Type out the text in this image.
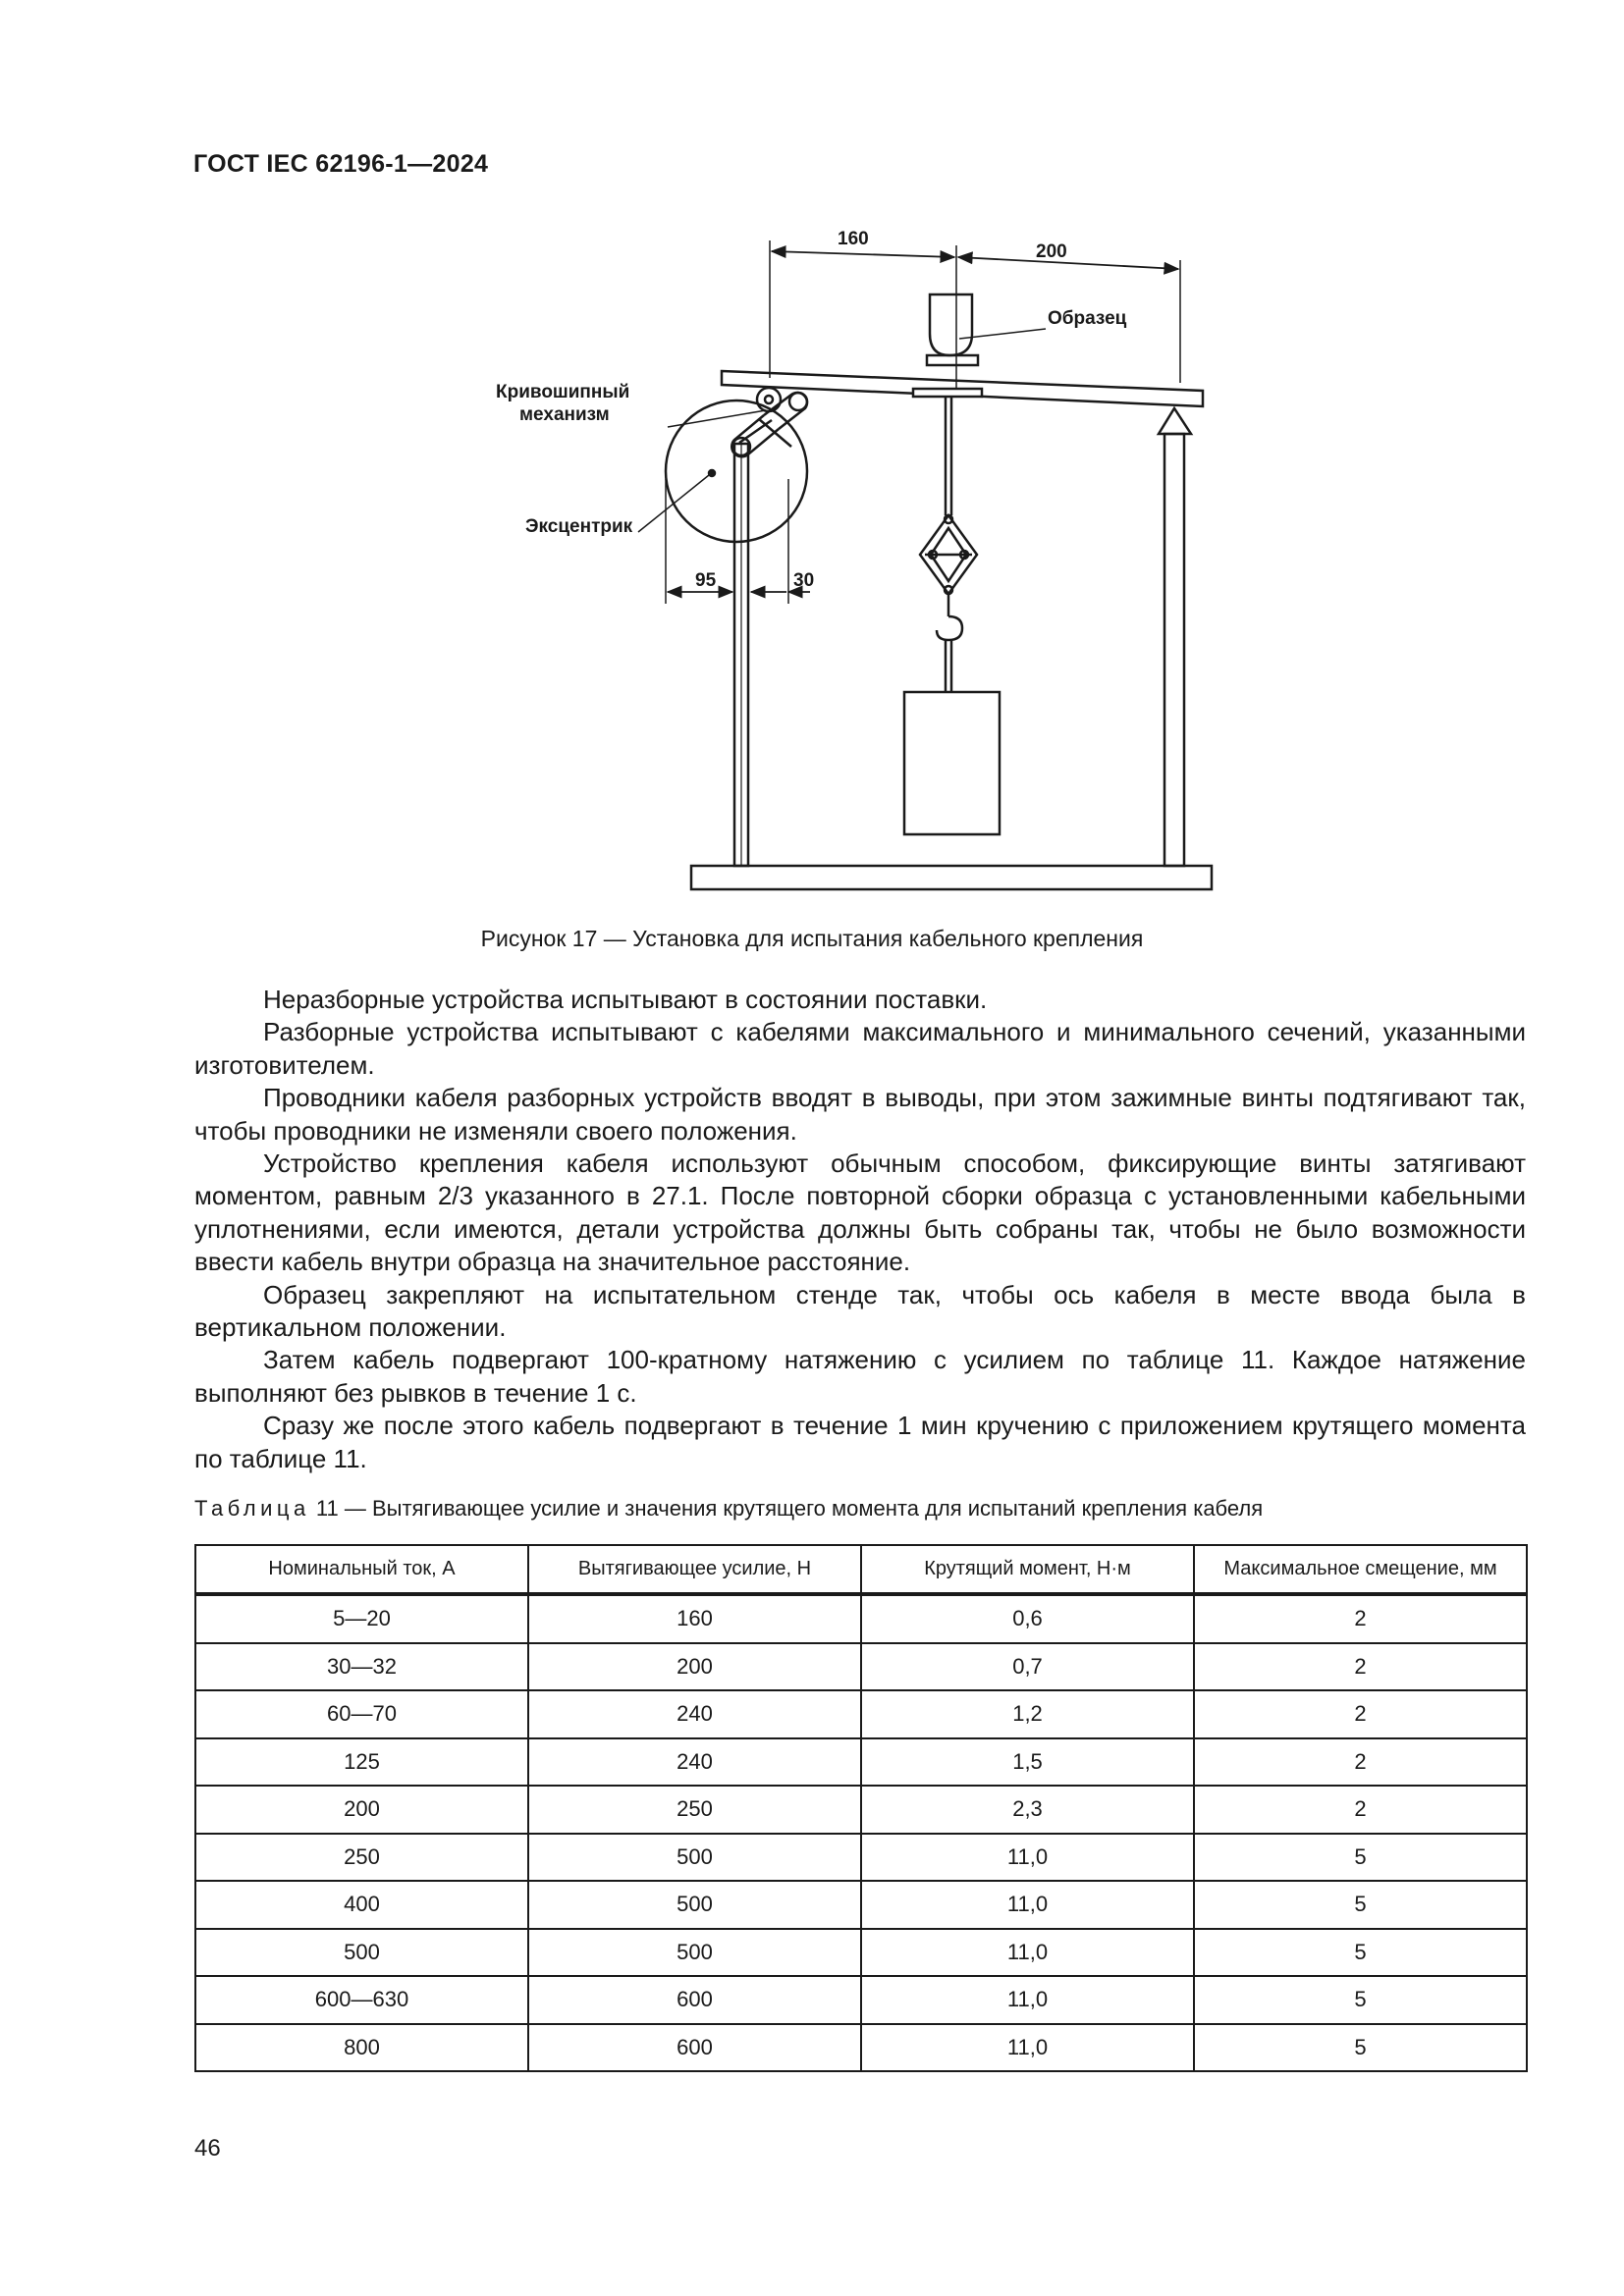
ГОСТ IEC 62196-1—2024
160
200
Образец
Кривошипный
механизм
Эксцентрик
95	30
Рисунок 17 — Установка для испытания кабельного крепления

Неразборные устройства испытывают в состоянии поставки.

Разборные устройства испытывают с кабелями максимального и минимального сечений, указанными изготовителем.

Проводники кабеля разборных устройств вводят в выводы, при этом зажимные винты подтягивают так, чтобы проводники не изменяли своего положения.

Устройство крепления кабеля используют обычным способом, фиксирующие винты затягивают моментом, равным 2/3 указанного в 27.1. После повторной сборки образца с установленными кабельными уплотнениями, если имеются, детали устройства должны быть собраны так, чтобы не было возможности ввести кабель внутри образца на значительное расстояние.

Образец закрепляют на испытательном стенде так, чтобы ось кабеля в месте ввода была в вертикальном положении.

Затем кабель подвергают 100-кратному натяжению с усилием по таблице 11. Каждое натяжение выполняют без рывков в течение 1 с.

Сразу же после этого кабель подвергают в течение 1 мин кручению с приложением крутящего момента по таблице 11.

Таблица 11 — Вытягивающее усилие и значения крутящего момента для испытаний крепления кабеля
Номинальный ток, А	Вытягивающее усилие, Н	Крутящий момент, Н·м	Максимальное смещение, мм
5—20	160	0,6	2
30—32	200	0,7	2
60—70	240	1,2	2
125	240	1,5	2
200	250	2,3	2
250	500	11,0	5
400	500	11,0	5
500	500	11,0	5
600—630	600	11,0	5
800	600	11,0	5
46
